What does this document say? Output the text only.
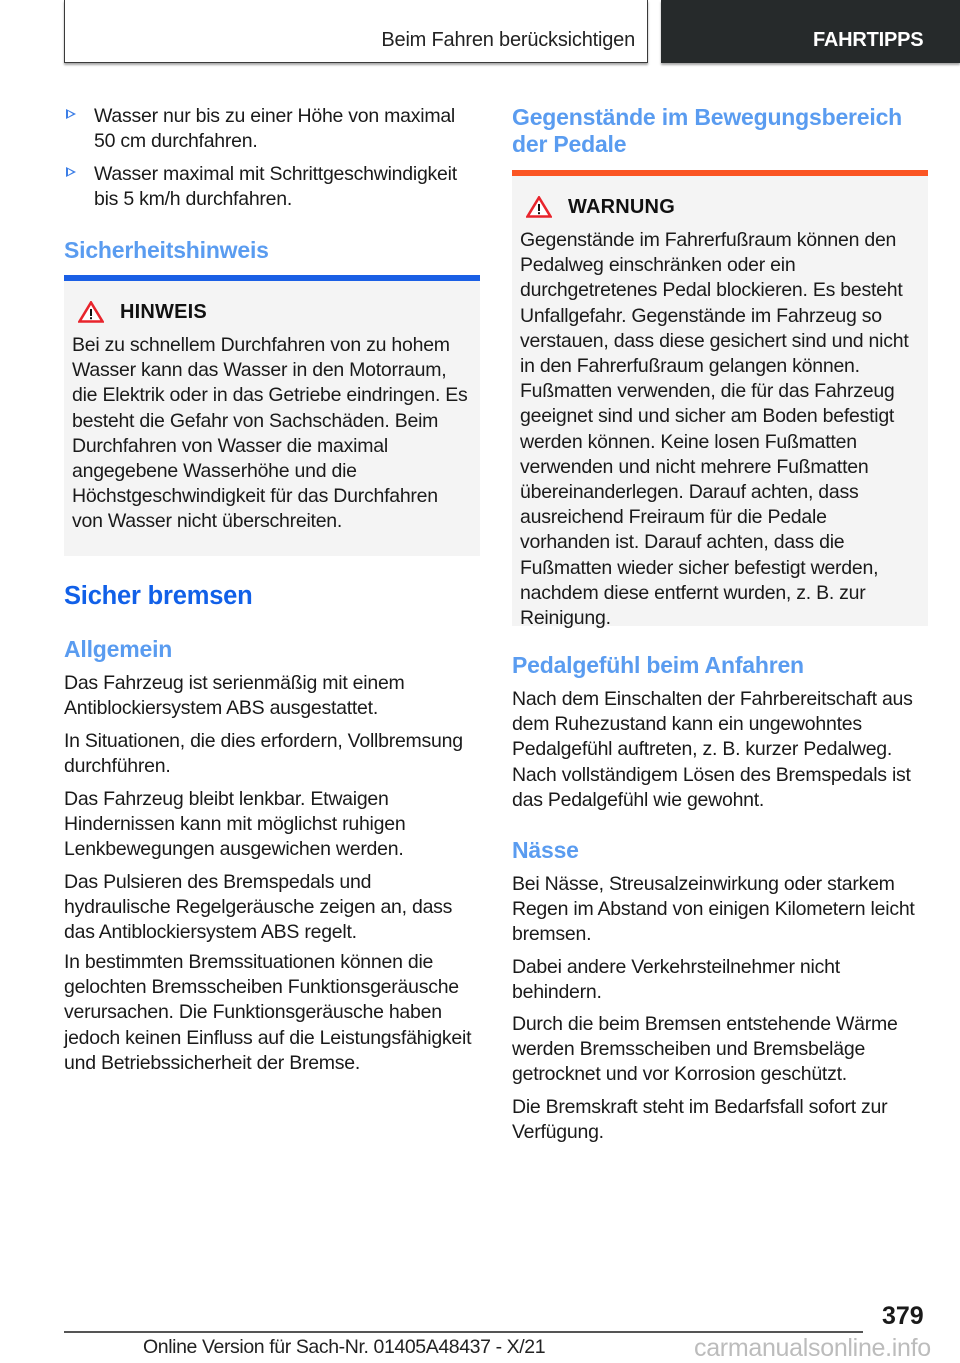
Beim Fahren berücksichtigen	FAHRTIPPS
Wasser nur bis zu einer Höhe von maximal 50 cm durchfahren.
Wasser maximal mit Schrittgeschwindigkeit bis 5 km/h durchfahren.
Sicherheitshinweis
HINWEIS
Bei zu schnellem Durchfahren von zu hohem Wasser kann das Wasser in den Motorraum, die Elektrik oder in das Getriebe eindringen. Es besteht die Gefahr von Sachschäden. Beim Durchfahren von Wasser die maximal angegebene Wasserhöhe und die Höchstgeschwindigkeit für das Durchfahren von Wasser nicht überschreiten.
Sicher bremsen
Allgemein
Das Fahrzeug ist serienmäßig mit einem Antiblockiersystem ABS ausgestattet.
In Situationen, die dies erfordern, Vollbremsung durchführen.
Das Fahrzeug bleibt lenkbar. Etwaigen Hindernissen kann mit möglichst ruhigen Lenkbewegungen ausgewichen werden.
Das Pulsieren des Bremspedals und hydraulische Regelgeräusche zeigen an, dass das Antiblockiersystem ABS regelt.
In bestimmten Bremssituationen können die gelochten Bremsscheiben Funktionsgeräusche verursachen. Die Funktionsgeräusche haben jedoch keinen Einfluss auf die Leistungsfähigkeit und Betriebssicherheit der Bremse.
Gegenstände im Bewegungsbereich der Pedale
WARNUNG
Gegenstände im Fahrerfußraum können den Pedalweg einschränken oder ein durchgetretenes Pedal blockieren. Es besteht Unfallgefahr. Gegenstände im Fahrzeug so verstauen, dass diese gesichert sind und nicht in den Fahrerfußraum gelangen können. Fußmatten verwenden, die für das Fahrzeug geeignet sind und sicher am Boden befestigt werden können. Keine losen Fußmatten verwenden und nicht mehrere Fußmatten übereinanderlegen. Darauf achten, dass ausreichend Freiraum für die Pedale vorhanden ist. Darauf achten, dass die Fußmatten wieder sicher befestigt werden, nachdem diese entfernt wurden, z. B. zur Reinigung.
Pedalgefühl beim Anfahren
Nach dem Einschalten der Fahrbereitschaft aus dem Ruhezustand kann ein ungewohntes Pedalgefühl auftreten, z. B. kurzer Pedalweg. Nach vollständigem Lösen des Bremspedals ist das Pedalgefühl wie gewohnt.
Nässe
Bei Nässe, Streusalzeinwirkung oder starkem Regen im Abstand von einigen Kilometern leicht bremsen.
Dabei andere Verkehrsteilnehmer nicht behindern.
Durch die beim Bremsen entstehende Wärme werden Bremsscheiben und Bremsbeläge getrocknet und vor Korrosion geschützt.
Die Bremskraft steht im Bedarfsfall sofort zur Verfügung.
379
Online Version für Sach-Nr. 01405A48437 - X/21	carmanualsonline.info
